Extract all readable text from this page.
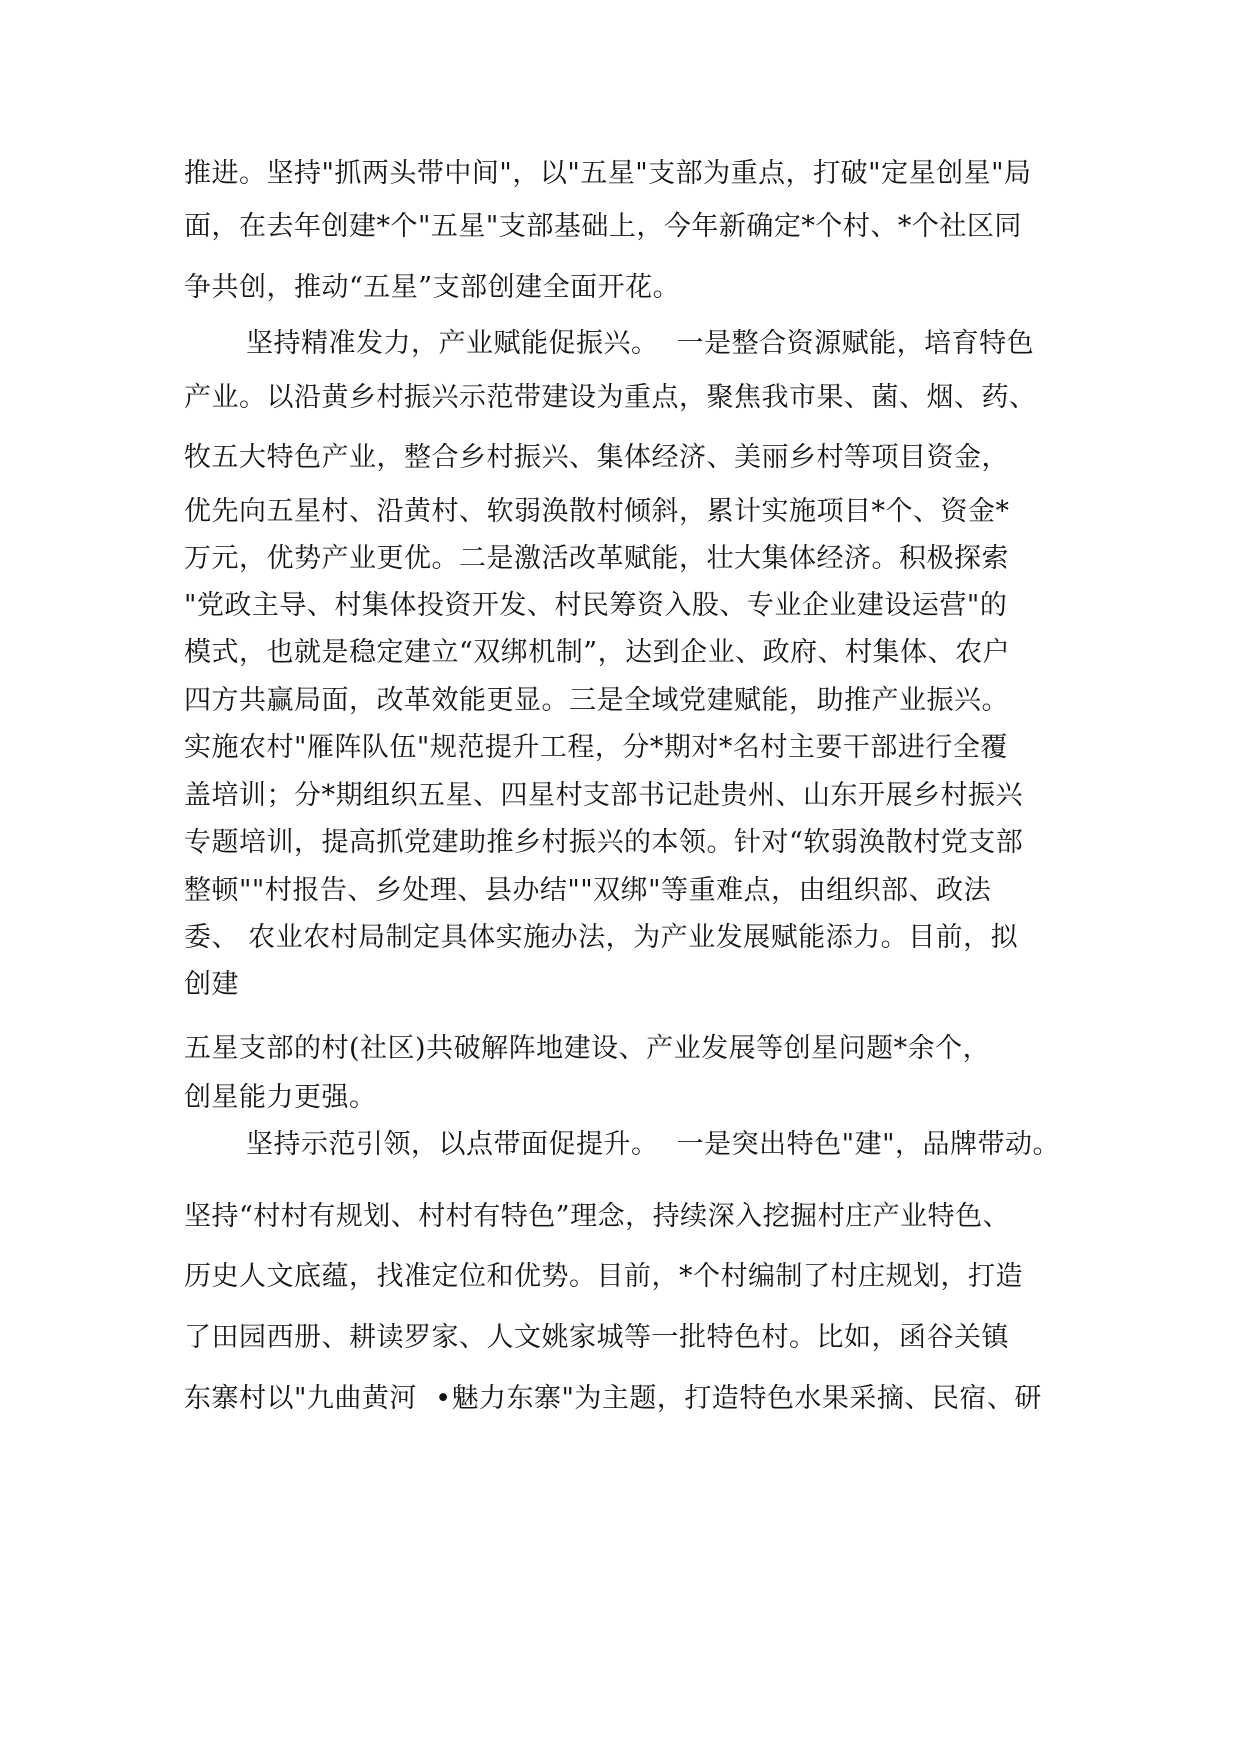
推进。坚持"抓两头带中间"，以"五星"支部为重点，打破"定星创星"局
面，在去年创建*个"五星"支部基础上，今年新确定*个村、*个社区同
争共创，推动“五星”支部创建全面开花。
坚持精准发力，产业赋能促振兴。  一是整合资源赋能，培育特色
产业。以沿黄乡村振兴示范带建设为重点，聚焦我市果、菌、烟、药、
牧五大特色产业，整合乡村振兴、集体经济、美丽乡村等项目资金，
优先向五星村、沿黄村、软弱涣散村倾斜，累计实施项目*个、资金*
万元，优势产业更优。二是激活改革赋能，壮大集体经济。积极探索
"党政主导、村集体投资开发、村民筹资入股、专业企业建设运营"的
模式，也就是稳定建立“双绑机制”，达到企业、政府、村集体、农户
四方共赢局面，改革效能更显。三是全域党建赋能，助推产业振兴。
实施农村"雁阵队伍"规范提升工程，分*期对*名村主要干部进行全覆
盖培训；分*期组织五星、四星村支部书记赴贵州、山东开展乡村振兴
专题培训，提高抓党建助推乡村振兴的本领。针对“软弱涣散村党支部
整顿""村报告、乡处理、县办结""双绑"等重难点，由组织部、政法
委、 农业农村局制定具体实施办法，为产业发展赋能添力。目前，拟
创建
五星支部的村(社区)共破解阵地建设、产业发展等创星问题*余个，
创星能力更强。
坚持示范引领，以点带面促提升。  一是突出特色"建"，品牌带动。
坚持“村村有规划、村村有特色”理念，持续深入挖掘村庄产业特色、
历史人文底蕴，找准定位和优势。目前，*个村编制了村庄规划，打造
了田园西册、耕读罗家、人文姚家城等一批特色村。比如，函谷关镇
东寨村以"九曲黄河  •魅力东寨"为主题，打造特色水果采摘、民宿、研
